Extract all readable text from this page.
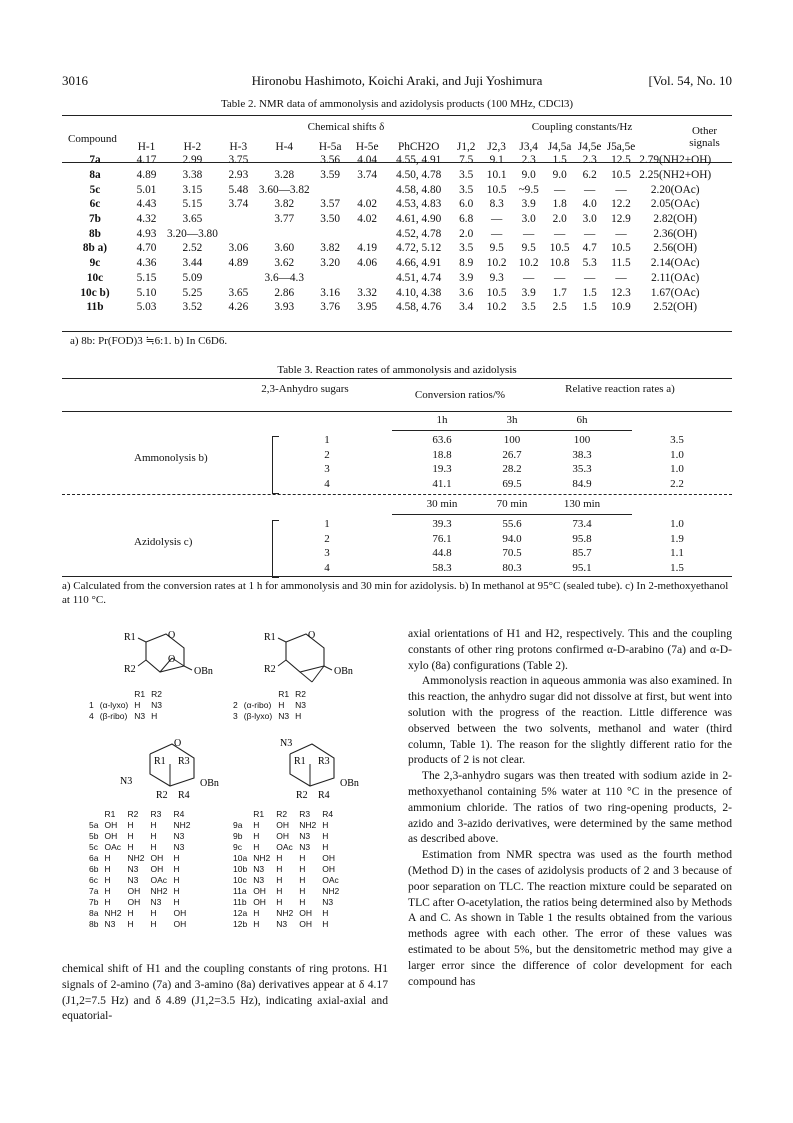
3016	Hironobu Hashimoto, Koichi Araki, and Juji Yoshimura	[Vol. 54, No. 10
Table 2. NMR data of ammonolysis and azidolysis products (100 MHz, CDCl3)
Compound
Chemical shifts δ	Coupling constants/Hz	Other signals
	H-1	H-2	H-3	H-4	H-5a	H-5e	PhCH2O	J1,2	J2,3	J3,4	J4,5a	J4,5e	J5a,5e	
7a	4.17	2.99	3.75		3.56	4.04	4.55, 4.91	7.5	9.1	2.3	1.5	2.3	12.5	2.79(NH2+OH)
8a	4.89	3.38	2.93	3.28	3.59	3.74	4.50, 4.78	3.5	10.1	9.0	9.0	6.2	10.5	2.25(NH2+OH)
5c	5.01	3.15	5.48	3.60—3.82			4.58, 4.80	3.5	10.5	~9.5	—	—	—	2.20(OAc)
6c	4.43	5.15	3.74	3.82	3.57	4.02	4.53, 4.83	6.0	8.3	3.9	1.8	4.0	12.2	2.05(OAc)
7b	4.32	3.65		3.77	3.50	4.02	4.61, 4.90	6.8	—	3.0	2.0	3.0	12.9	2.82(OH)
8b	4.93	3.20—3.80					4.52, 4.78	2.0	—	—	—	—	—	2.36(OH)
8b a)	4.70	2.52	3.06	3.60	3.82	4.19	4.72, 5.12	3.5	9.5	9.5	10.5	4.7	10.5	2.56(OH)
9c	4.36	3.44	4.89	3.62	3.20	4.06	4.66, 4.91	8.9	10.2	10.2	10.8	5.3	11.5	2.14(OAc)
10c	5.15	5.09		3.6—4.3			4.51, 4.74	3.9	9.3	—	—	—	—	2.11(OAc)
10c b)	5.10	5.25	3.65	2.86	3.16	3.32	4.10, 4.38	3.6	10.5	3.9	1.7	1.5	12.3	1.67(OAc)
11b	5.03	3.52	4.26	3.93	3.76	3.95	4.58, 4.76	3.4	10.2	3.5	2.5	1.5	10.9	2.52(OH)
a) 8b: Pr(FOD)3 ≒6:1. b) In C6D6.
Table 3. Reaction rates of ammonolysis and azidolysis
2,3-Anhydro sugars	Conversion ratios/%	Relative reaction rates a)
1h	3h	6h
Ammonolysis b)
1	63.6	100	100	3.5
2	18.8	26.7	38.3	1.0
3	19.3	28.2	35.3	1.0
4	41.1	69.5	84.9	2.2
30 min	70 min	130 min
Azidolysis c)
1	39.3	55.6	73.4	1.0
2	76.1	94.0	95.8	1.9
3	44.8	70.5	85.7	1.1
4	58.3	80.3	95.1	1.5
a) Calculated from the conversion rates at 1 h for ammonolysis and 30 min for azidolysis. b) In methanol at 95°C (sealed tube). c) In 2-methoxyethanol at 110 °C.
R1
R2
O
O
OBn
R1
R2
O
OBn
		R1	R2
1	(α-lyxo)	H	N3
4	(β-ribo)	N3	H
		R1	R2
2	(α-ribo)	H	N3
3	(β-lyxo)	N3	H
N3
R1 R3
R2 R4
O
OBn
N3
R1 R3
R2 R4
OBn
	R1	R2	R3	R4
5a	OH	H	H	NH2
5b	OH	H	H	N3
5c	OAc	H	H	N3
6a	H	NH2	OH	H
6b	H	N3	OH	H
6c	H	N3	OAc	H
7a	H	OH	NH2	H
7b	H	OH	N3	H
8a	NH2	H	H	OH
8b	N3	H	H	OH
	R1	R2	R3	R4
9a	H	OH	NH2	H
9b	H	OH	N3	H
9c	H	OAc	N3	H
10a	NH2	H	H	OH
10b	N3	H	H	OH
10c	N3	H	H	OAc
11a	OH	H	H	NH2
11b	OH	H	H	N3
12a	H	NH2	OH	H
12b	H	N3	OH	H

chemical shift of H1 and the coupling constants of ring protons. H1 signals of 2-amino (7a) and 3-amino (8a) derivatives appear at δ 4.17 (J1,2=7.5 Hz) and δ 4.89 (J1,2=3.5 Hz), indicating axial-axial and equatorial-

axial orientations of H1 and H2, respectively. This and the coupling constants of other ring protons confirmed α-D-arabino (7a) and α-D-xylo (8a) configurations (Table 2).

Ammonolysis reaction in aqueous ammonia was also examined. In this reaction, the anhydro sugar did not dissolve at first, but went into solution with the progress of the reaction. Little difference was observed between the two solvents, methanol and water (third column, Table 1). The reason for the slightly different ratio for the products of 2 is not clear.

The 2,3-anhydro sugars was then treated with sodium azide in 2-methoxyethanol containing 5% water at 110 °C in the presence of ammonium chloride. The ratios of two ring-opening products, 2-azido and 3-azido derivatives, were determined by the same method as described above.

Estimation from NMR spectra was used as the fourth method (Method D) in the cases of azidolysis products of 2 and 3 because of poor separation on TLC. The reaction mixture could be separated on TLC after O-acetylation, the ratios being determined also by Methods A and C. As shown in Table 1 the results obtained from the various methods agree with each other. The error of these values was estimated to be about 5%, but the densitometric method may give a larger error since the difference of color development for each compound has
